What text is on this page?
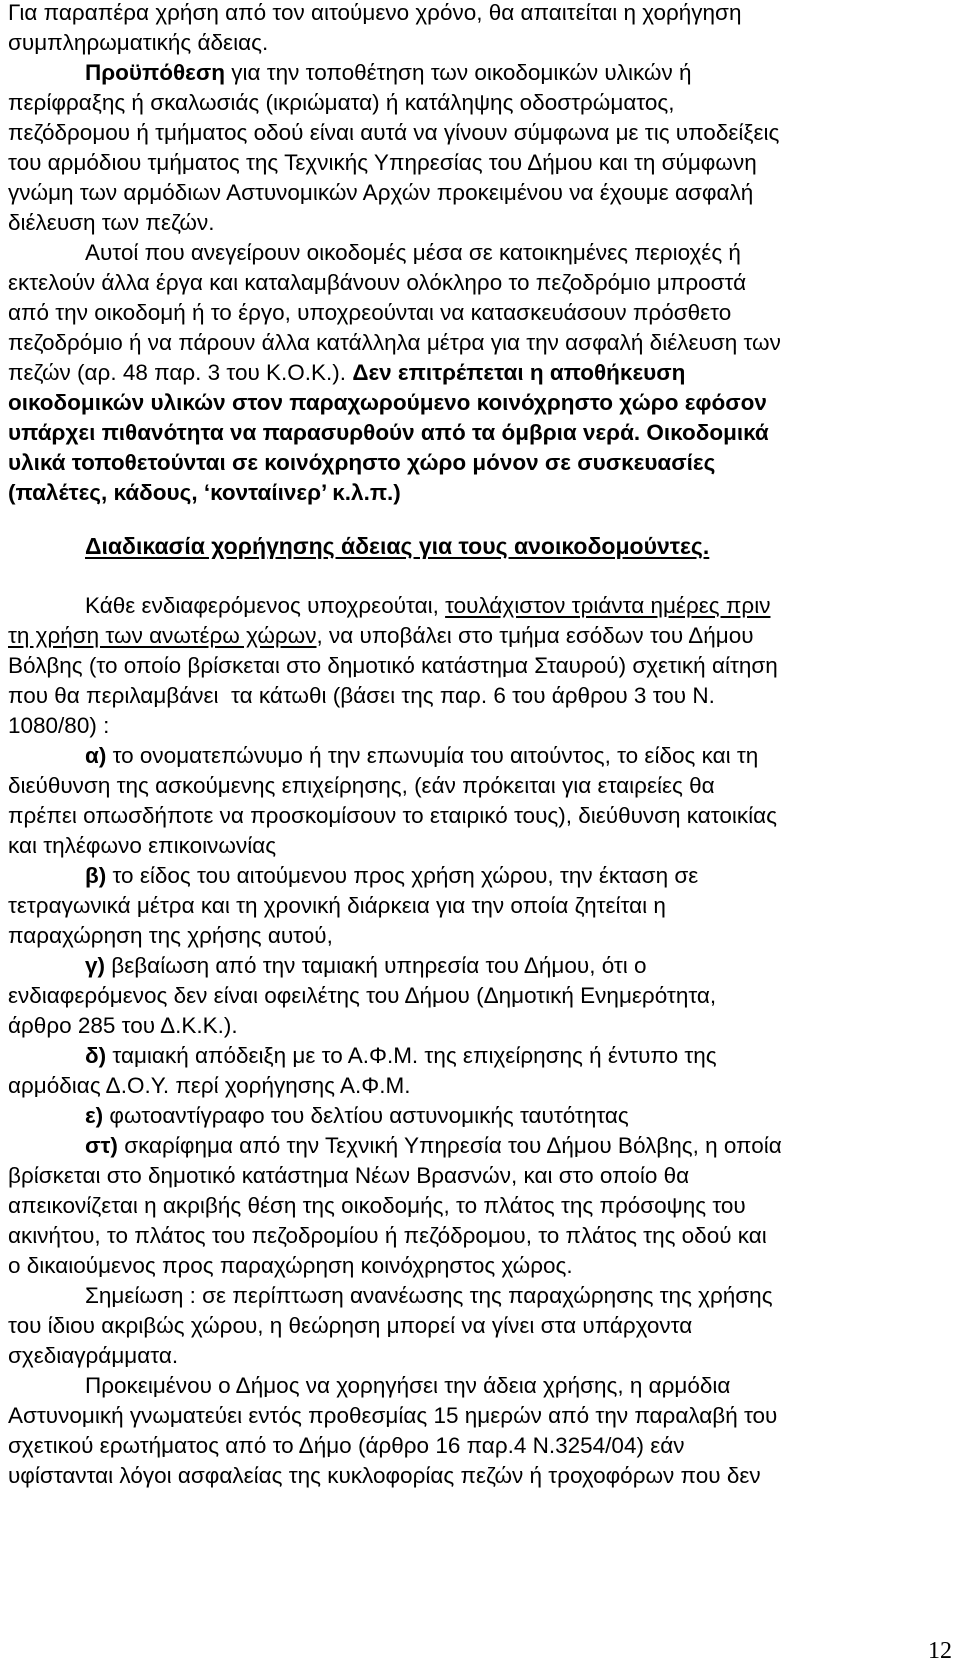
Για παραπέρα χρήση από τον αιτούμενο χρόνο, θα απαιτείται η χορήγηση

συμπληρωματικής άδειας.

Προϋπόθεση για την τοποθέτηση των οικοδομικών υλικών ή

περίφραξης ή σκαλωσιάς (ικριώματα) ή κατάληψης οδοστρώματος,

πεζόδρομου ή τμήματος οδού είναι αυτά να γίνουν σύμφωνα με τις υποδείξεις

του αρμόδιου τμήματος της Τεχνικής Υπηρεσίας του Δήμου και τη σύμφωνη

γνώμη των αρμόδιων Αστυνομικών Αρχών προκειμένου να έχουμε ασφαλή

διέλευση των πεζών.

Αυτοί που ανεγείρουν οικοδομές μέσα σε κατοικημένες περιοχές ή

εκτελούν άλλα έργα και καταλαμβάνουν ολόκληρο το πεζοδρόμιο μπροστά

από την οικοδομή ή το έργο, υποχρεούνται να κατασκευάσουν πρόσθετο

πεζοδρόμιο ή να πάρουν άλλα κατάλληλα μέτρα για την ασφαλή διέλευση των

πεζών (αρ. 48 παρ. 3 του Κ.Ο.Κ.). Δεν επιτρέπεται η αποθήκευση

οικοδομικών υλικών στον παραχωρούμενο κοινόχρηστο χώρο εφόσον

υπάρχει πιθανότητα να παρασυρθούν από τα όμβρια νερά. Οικοδομικά

υλικά τοποθετούνται σε κοινόχρηστο χώρο μόνον σε συσκευασίες

(παλέτες, κάδους, ‘κονταίινερ’ κ.λ.π.)

Διαδικασία χορήγησης άδειας για τους ανοικοδομούντες.

Κάθε ενδιαφερόμενος υποχρεούται, τουλάχιστον τριάντα ημέρες πριν

τη χρήση των ανωτέρω χώρων, να υποβάλει στο τμήμα εσόδων του Δήμου

Βόλβης (το οποίο βρίσκεται στο δημοτικό κατάστημα Σταυρού) σχετική αίτηση

που θα περιλαμβάνει  τα κάτωθι (βάσει της παρ. 6 του άρθρου 3 του Ν.

1080/80) :

α) το ονοματεπώνυμο ή την επωνυμία του αιτούντος, το είδος και τη

διεύθυνση της ασκούμενης επιχείρησης, (εάν πρόκειται για εταιρείες θα

πρέπει οπωσδήποτε να προσκομίσουν το εταιρικό τους), διεύθυνση κατοικίας

και τηλέφωνο επικοινωνίας

β) το είδος του αιτούμενου προς χρήση χώρου, την έκταση σε

τετραγωνικά μέτρα και τη χρονική διάρκεια για την οποία ζητείται η

παραχώρηση της χρήσης αυτού,

γ) βεβαίωση από την ταμιακή υπηρεσία του Δήμου, ότι ο

ενδιαφερόμενος δεν είναι οφειλέτης του Δήμου (Δημοτική Ενημερότητα,

άρθρο 285 του Δ.Κ.Κ.).

δ) ταμιακή απόδειξη με το Α.Φ.Μ. της επιχείρησης ή έντυπο της

αρμόδιας Δ.Ο.Υ. περί χορήγησης Α.Φ.Μ.

ε) φωτοαντίγραφο του δελτίου αστυνομικής ταυτότητας

στ) σκαρίφημα από την Τεχνική Υπηρεσία του Δήμου Βόλβης, η οποία

βρίσκεται στο δημοτικό κατάστημα Νέων Βρασνών, και στο οποίο θα

απεικονίζεται η ακριβής θέση της οικοδομής, το πλάτος της πρόσοψης του

ακινήτου, το πλάτος του πεζοδρομίου ή πεζόδρομου, το πλάτος της οδού και

ο δικαιούμενος προς παραχώρηση κοινόχρηστος χώρος.

Σημείωση : σε περίπτωση ανανέωσης της παραχώρησης της χρήσης

του ίδιου ακριβώς χώρου, η θεώρηση μπορεί να γίνει στα υπάρχοντα

σχεδιαγράμματα.

Προκειμένου ο Δήμος να χορηγήσει την άδεια χρήσης, η αρμόδια

Αστυνομική γνωματεύει εντός προθεσμίας 15 ημερών από την παραλαβή του

σχετικού ερωτήματος από το Δήμο (άρθρο 16 παρ.4 Ν.3254/04) εάν

υφίστανται λόγοι ασφαλείας της κυκλοφορίας πεζών ή τροχοφόρων που δεν

12
